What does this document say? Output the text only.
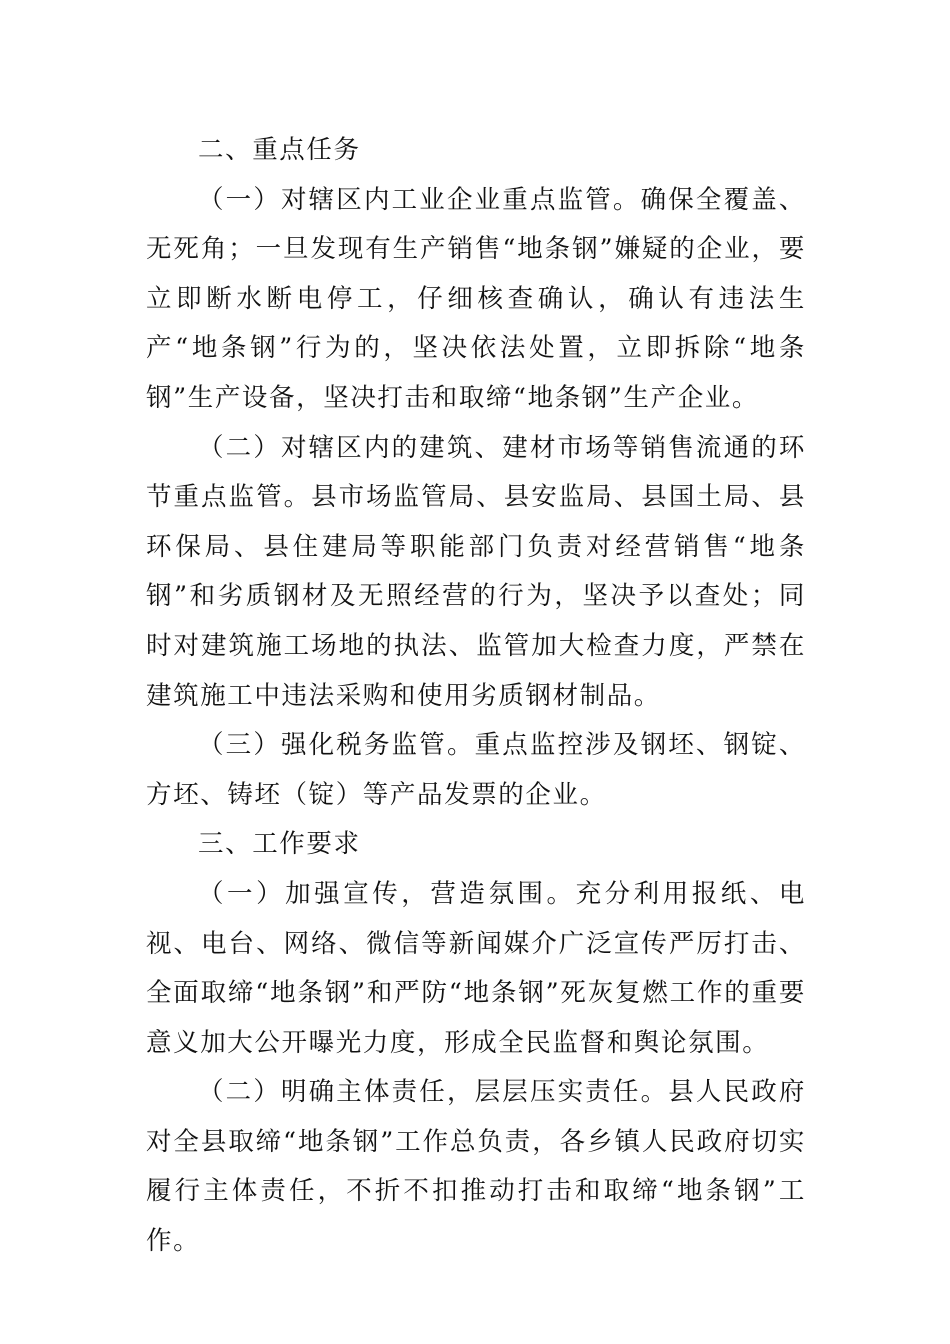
二、重点任务

（一）对辖区内工业企业重点监管。确保全覆盖、无死角；一旦发现有生产销售“地条钢”嫌疑的企业，要立即断水断电停工，仔细核查确认，确认有违法生产“地条钢”行为的，坚决依法处置，立即拆除“地条钢”生产设备，坚决打击和取缔“地条钢”生产企业。

（二）对辖区内的建筑、建材市场等销售流通的环节重点监管。县市场监管局、县安监局、县国土局、县环保局、县住建局等职能部门负责对经营销售“地条钢”和劣质钢材及无照经营的行为，坚决予以查处；同时对建筑施工场地的执法、监管加大检查力度，严禁在建筑施工中违法采购和使用劣质钢材制品。

（三）强化税务监管。重点监控涉及钢坯、钢锭、方坯、铸坯（锭）等产品发票的企业。

三、工作要求

（一）加强宣传，营造氛围。充分利用报纸、电视、电台、网络、微信等新闻媒介广泛宣传严厉打击、全面取缔“地条钢”和严防“地条钢”死灰复燃工作的重要意义加大公开曝光力度，形成全民监督和舆论氛围。

（二）明确主体责任，层层压实责任。县人民政府对全县取缔“地条钢”工作总负责，各乡镇人民政府切实履行主体责任，不折不扣推动打击和取缔“地条钢”工作。
